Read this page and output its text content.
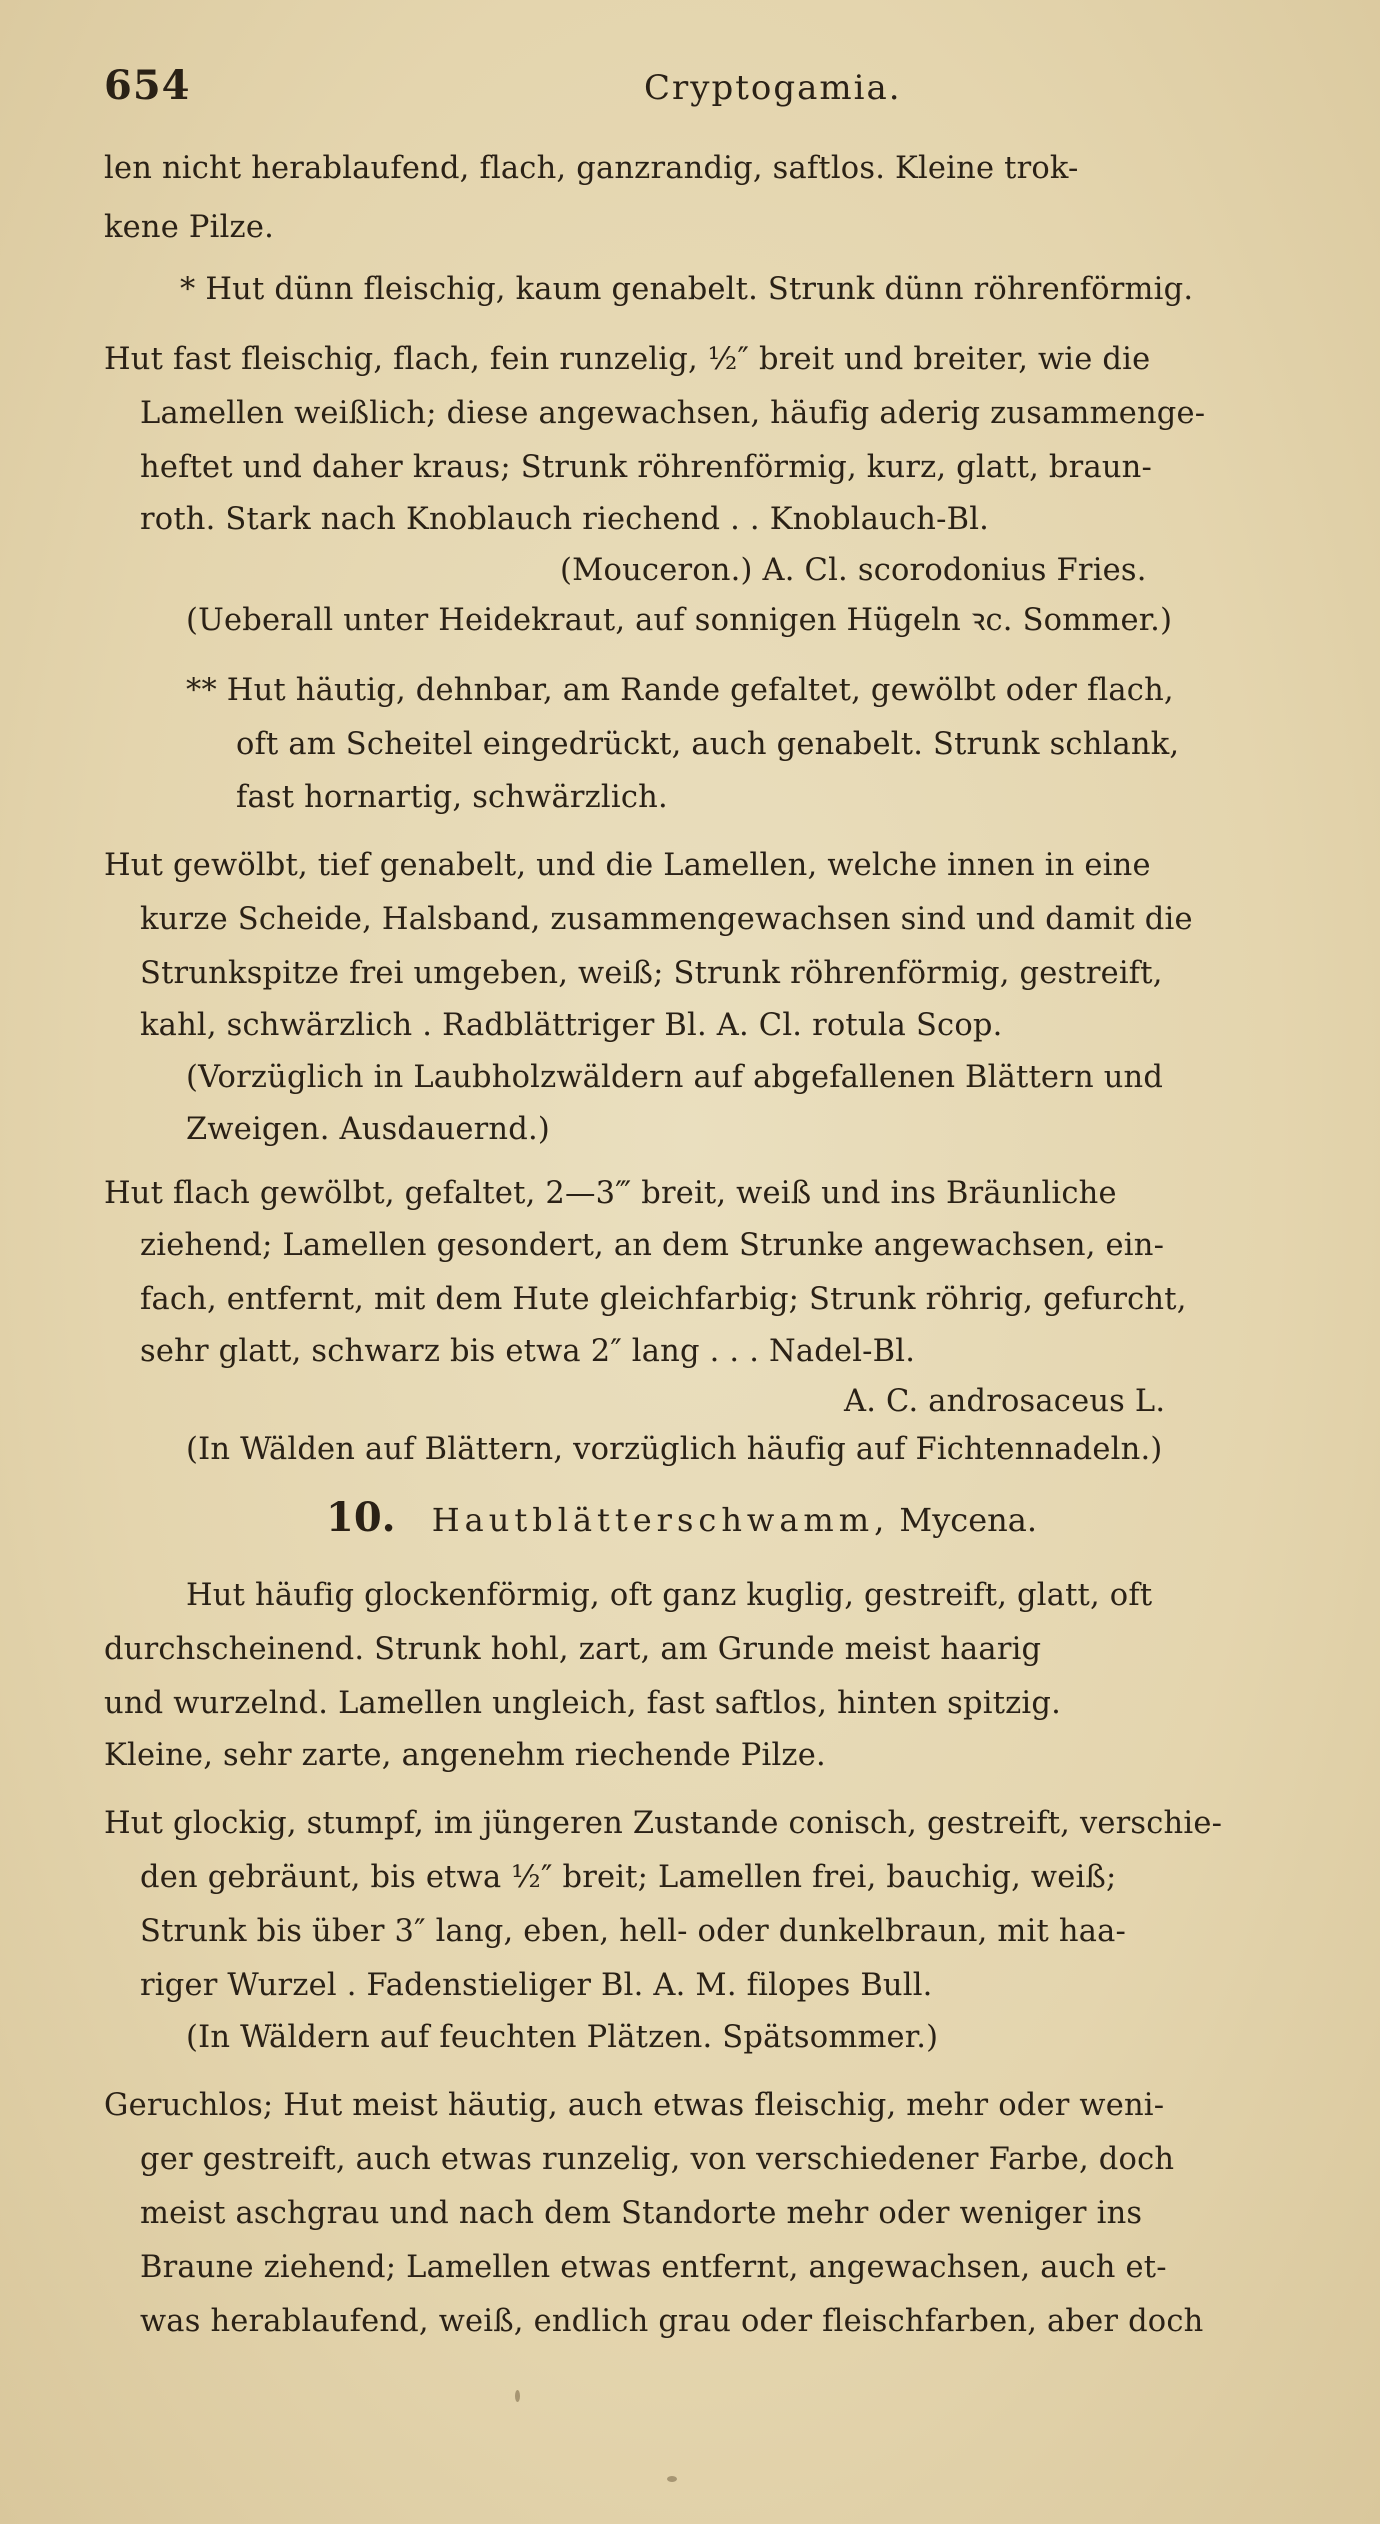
654	Cryptogamia.
len nicht herablaufend, flach, ganzrandig, saftlos. Kleine trok-
kene Pilze.
* Hut dünn fleischig, kaum genabelt. Strunk dünn röhrenförmig.
Hut fast fleischig, flach, fein runzelig, ½″ breit und breiter, wie die
Lamellen weißlich; diese angewachsen, häufig aderig zusammenge-
heftet und daher kraus; Strunk röhrenförmig, kurz, glatt, braun-
roth. Stark nach Knoblauch riechend . . Knoblauch-Bl.
(Mouceron.) A. Cl. scorodonius Fries.
(Ueberall unter Heidekraut, auf sonnigen Hügeln ꝛc. Sommer.)
** Hut häutig, dehnbar, am Rande gefaltet, gewölbt oder flach,
oft am Scheitel eingedrückt, auch genabelt. Strunk schlank,
fast hornartig, schwärzlich.
Hut gewölbt, tief genabelt, und die Lamellen, welche innen in eine
kurze Scheide, Halsband, zusammengewachsen sind und damit die
Strunkspitze frei umgeben, weiß; Strunk röhrenförmig, gestreift,
kahl, schwärzlich . Radblättriger Bl. A. Cl. rotula Scop.
(Vorzüglich in Laubholzwäldern auf abgefallenen Blättern und
Zweigen. Ausdauernd.)
Hut flach gewölbt, gefaltet, 2—3‴ breit, weiß und ins Bräunliche
ziehend; Lamellen gesondert, an dem Strunke angewachsen, ein-
fach, entfernt, mit dem Hute gleichfarbig; Strunk röhrig, gefurcht,
sehr glatt, schwarz bis etwa 2″ lang . . . Nadel-Bl.
A. C. androsaceus L.
(In Wälden auf Blättern, vorzüglich häufig auf Fichtennadeln.)
10. Hautblätterschwamm, Mycena.
Hut häufig glockenförmig, oft ganz kuglig, gestreift, glatt, oft
durchscheinend. Strunk hohl, zart, am Grunde meist haarig
und wurzelnd. Lamellen ungleich, fast saftlos, hinten spitzig.
Kleine, sehr zarte, angenehm riechende Pilze.
Hut glockig, stumpf, im jüngeren Zustande conisch, gestreift, verschie-
den gebräunt, bis etwa ½″ breit; Lamellen frei, bauchig, weiß;
Strunk bis über 3″ lang, eben, hell- oder dunkelbraun, mit haa-
riger Wurzel . Fadenstieliger Bl. A. M. filopes Bull.
(In Wäldern auf feuchten Plätzen. Spätsommer.)
Geruchlos; Hut meist häutig, auch etwas fleischig, mehr oder weni-
ger gestreift, auch etwas runzelig, von verschiedener Farbe, doch
meist aschgrau und nach dem Standorte mehr oder weniger ins
Braune ziehend; Lamellen etwas entfernt, angewachsen, auch et-
was herablaufend, weiß, endlich grau oder fleischfarben, aber doch
